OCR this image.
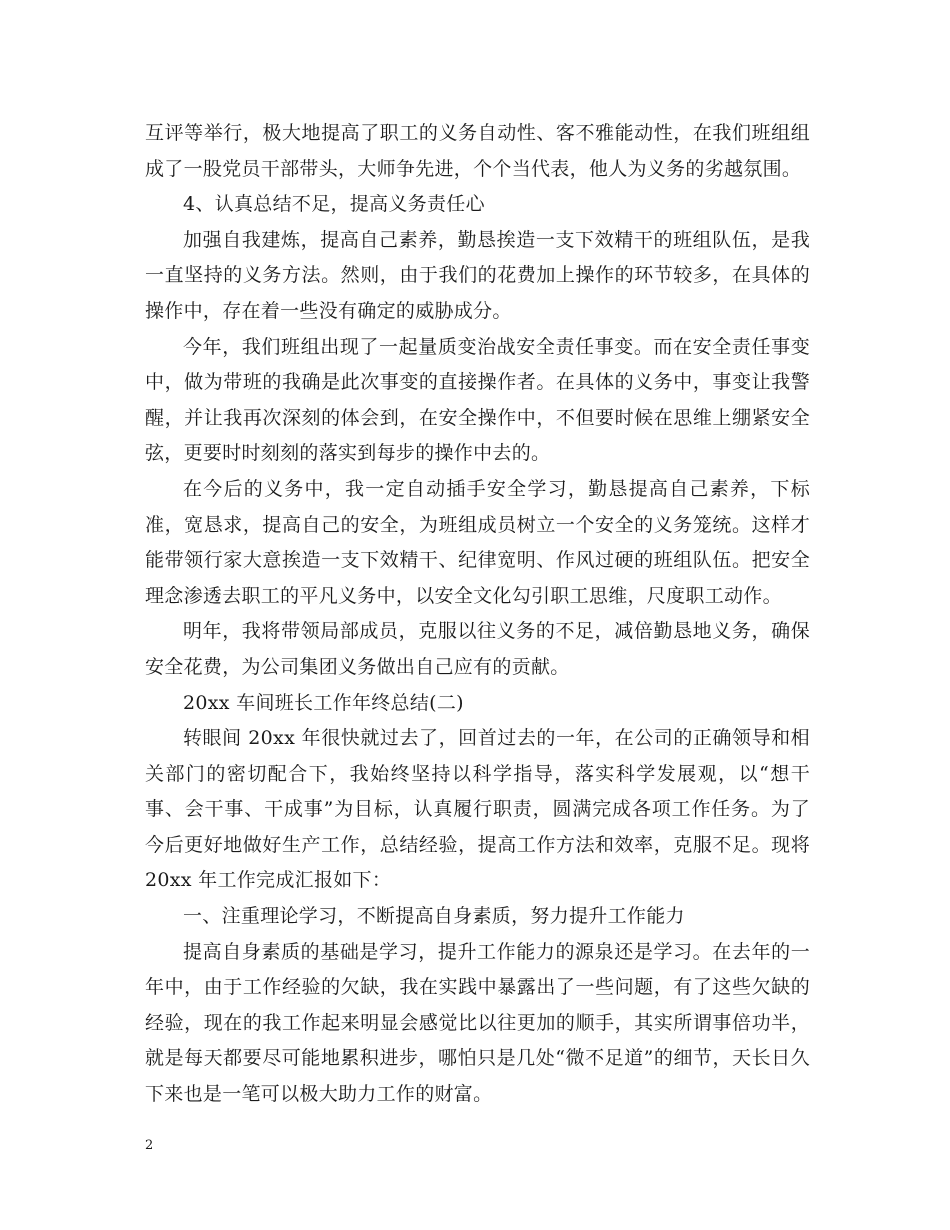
互评等举行，极大地提高了职工的义务自动性、客不雅能动性，在我们班组组成了一股党员干部带头，大师争先进，个个当代表，他人为义务的劣越氛围。

4、认真总结不足，提高义务责任心

加强自我建炼，提高自己素养，勤恳挨造一支下效精干的班组队伍，是我一直坚持的义务方法。然则，由于我们的花费加上操作的环节较多，在具体的操作中，存在着一些没有确定的威胁成分。

今年，我们班组出现了一起量质变治战安全责任事变。而在安全责任事变中，做为带班的我确是此次事变的直接操作者。在具体的义务中，事变让我警醒，并让我再次深刻的体会到，在安全操作中，不但要时候在思维上绷紧安全弦，更要时时刻刻的落实到每步的操作中去的。

在今后的义务中，我一定自动插手安全学习，勤恳提高自己素养，下标准，宽恳求，提高自己的安全，为班组成员树立一个安全的义务笼统。这样才能带领行家大意挨造一支下效精干、纪律宽明、作风过硬的班组队伍。把安全理念渗透去职工的平凡义务中，以安全文化勾引职工思维，尺度职工动作。

明年，我将带领局部成员，克服以往义务的不足，减倍勤恳地义务，确保安全花费，为公司集团义务做出自己应有的贡献。

20xx 车间班长工作年终总结(二)

转眼间 20xx 年很快就过去了，回首过去的一年，在公司的正确领导和相关部门的密切配合下，我始终坚持以科学指导，落实科学发展观，以“想干事、会干事、干成事”为目标，认真履行职责，圆满完成各项工作任务。为了今后更好地做好生产工作，总结经验，提高工作方法和效率，克服不足。现将 20xx 年工作完成汇报如下：

一、注重理论学习，不断提高自身素质，努力提升工作能力

提高自身素质的基础是学习，提升工作能力的源泉还是学习。在去年的一年中，由于工作经验的欠缺，我在实践中暴露出了一些问题，有了这些欠缺的经验，现在的我工作起来明显会感觉比以往更加的顺手，其实所谓事倍功半，就是每天都要尽可能地累积进步，哪怕只是几处“微不足道”的细节，天长日久下来也是一笔可以极大助力工作的财富。

2
